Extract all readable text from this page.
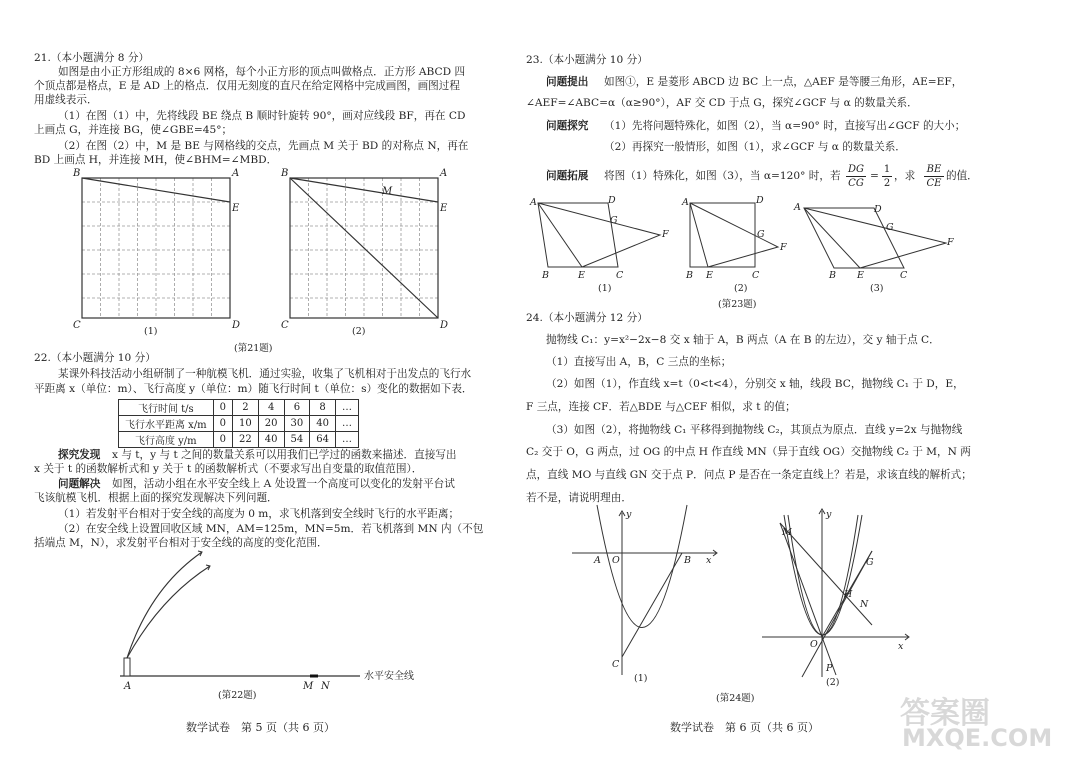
21.（本小题满分 8 分）
如图是由小正方形组成的 8×6 网格，每个小正方形的顶点叫做格点．正方形 ABCD 四
个顶点都是格点，E 是 AD 上的格点．仅用无刻度的直尺在给定网格中完成画图，画图过程
用虚线表示．
（1）在图（1）中，先将线段 BE 绕点 B 顺时针旋转 90°，画对应线段 BF，再在 CD
上画点 G，并连接 BG，使∠GBE=45°；
（2）在图（2）中，M 是 BE 与网格线的交点，先画点 M 关于 BD 的对称点 N，再在
BD 上画点 H，并连接 MH，使∠BHM=∠MBD．
B	A
E
C	D
(1)
B	A
E
M
C	D
(2)
(第21题)
22.（本小题满分 10 分）
某课外科技活动小组研制了一种航模飞机．通过实验，收集了飞机相对于出发点的飞行水
平距离 x（单位：m）、飞行高度 y（单位：m）随飞行时间 t（单位：s）变化的数据如下表．
飞行时间 t/s	0	2	4	6	8	…
飞行水平距离 x/m	0	10	20	30	40	…
飞行高度 y/m	0	22	40	54	64	…
探究发现 x 与 t，y 与 t 之间的数量关系可以用我们已学过的函数来描述．直接写出
x 关于 t 的函数解析式和 y 关于 t 的函数解析式（不要求写出自变量的取值范围）．
问题解决 如图，活动小组在水平安全线上 A 处设置一个高度可以变化的发射平台试
飞该航模飞机．根据上面的探究发现解决下列问题．
（1）若发射平台相对于安全线的高度为 0 m，求飞机落到安全线时飞行的水平距离；
（2）在安全线上设置回收区域 MN，AM=125m，MN=5m．若飞机落到 MN 内（不包
括端点 M，N），求发射平台相对于安全线的高度的变化范围．
A	M N
水平安全线
(第22题)
数学试卷　第 5 页（共 6 页）
23.（本小题满分 10 分）
问题提出 如图①，E 是菱形 ABCD 边 BC 上一点，△AEF 是等腰三角形，AE=EF，
∠AEF=∠ABC=α（α≥90°），AF 交 CD 于点 G，探究∠GCF 与 α 的数量关系．
问题探究 （1）先将问题特殊化，如图（2），当 α=90° 时，直接写出∠GCF 的大小；
（2）再探究一般情形，如图（1），求∠GCF 与 α 的数量关系．
问题拓展 将图（1）特殊化，如图（3），当 α=120° 时，若
DG
CG
=
1
2
，求
BE
CE
的值．
A	D
G
F
B	E	C
(1)
A	D
G
F
B E	C
(2)
(第23题)
A	D
G
F
B E	C
(3)
24.（本小题满分 12 分）
抛物线 C₁：y=x²−2x−8 交 x 轴于 A，B 两点（A 在 B 的左边），交 y 轴于点 C．
（1）直接写出 A，B，C 三点的坐标；
（2）如图（1），作直线 x=t（0<t<4），分别交 x 轴，线段 BC，抛物线 C₁ 于 D，E，
F 三点，连接 CF．若△BDE 与△CEF 相似，求 t 的值；
（3）如图（2），将抛物线 C₁ 平移得到抛物线 C₂，其顶点为原点．直线 y=2x 与抛物线
C₂ 交于 O，G 两点，过 OG 的中点 H 作直线 MN（异于直线 OG）交抛物线 C₂ 于 M，N 两
点，直线 MO 与直线 GN 交于点 P．问点 P 是否在一条定直线上？若是，求该直线的解析式；
若不是，请说明理由．
y
x
A O	B
C
(1)
y
x
M
G
H
N
O
P
(2)
(第24题)
数学试卷　第 6 页（共 6 页）	答案圈
MXQE.COM
